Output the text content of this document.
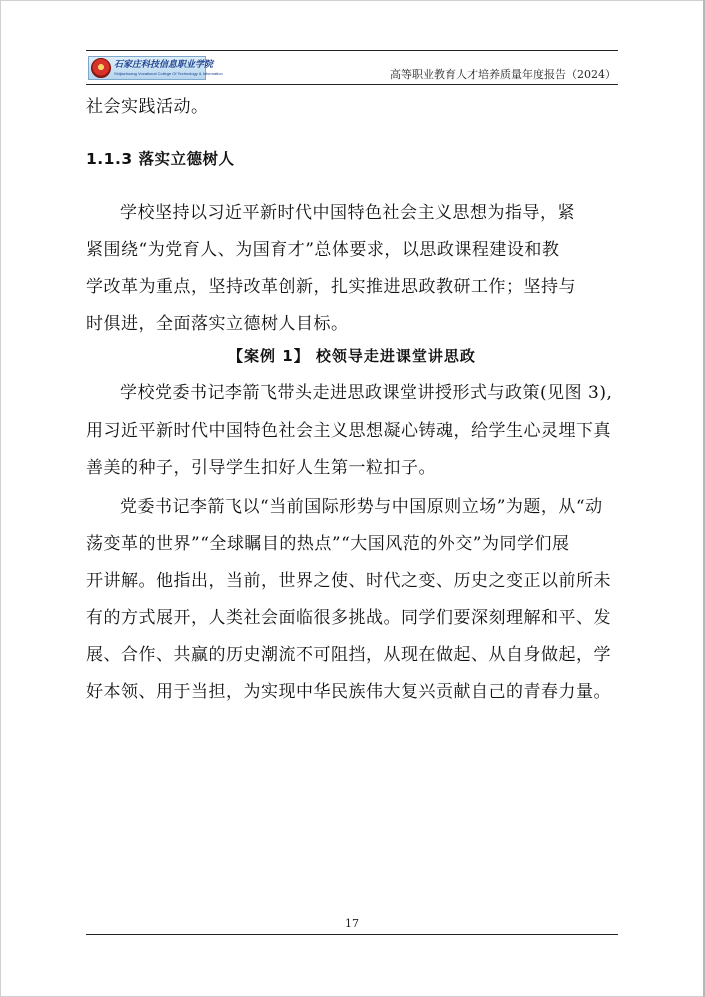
石家庄科技信息职业学院
Shijiazhuang Vocational College Of Technology & Information	高等职业教育人才培养质量年度报告（2024）
社会实践活动。
1.1.3 落实立德树人
学校坚持以习近平新时代中国特色社会主义思想为指导，紧
紧围绕“为党育人、为国育才”总体要求，以思政课程建设和教
学改革为重点，坚持改革创新，扎实推进思政教研工作；坚持与
时俱进，全面落实立德树人目标。
【案例 1】 校领导走进课堂讲思政
学校党委书记李箭飞带头走进思政课堂讲授形式与政策(见图 3),
用习近平新时代中国特色社会主义思想凝心铸魂，给学生心灵埋下真
善美的种子，引导学生扣好人生第一粒扣子。
党委书记李箭飞以“当前国际形势与中国原则立场”为题，从“动
荡变革的世界”“全球瞩目的热点”“大国风范的外交”为同学们展
开讲解。他指出，当前，世界之使、时代之变、历史之变正以前所未
有的方式展开，人类社会面临很多挑战。同学们要深刻理解和平、发
展、合作、共赢的历史潮流不可阻挡，从现在做起、从自身做起，学
好本领、用于当担，为实现中华民族伟大复兴贡献自己的青春力量。
17
